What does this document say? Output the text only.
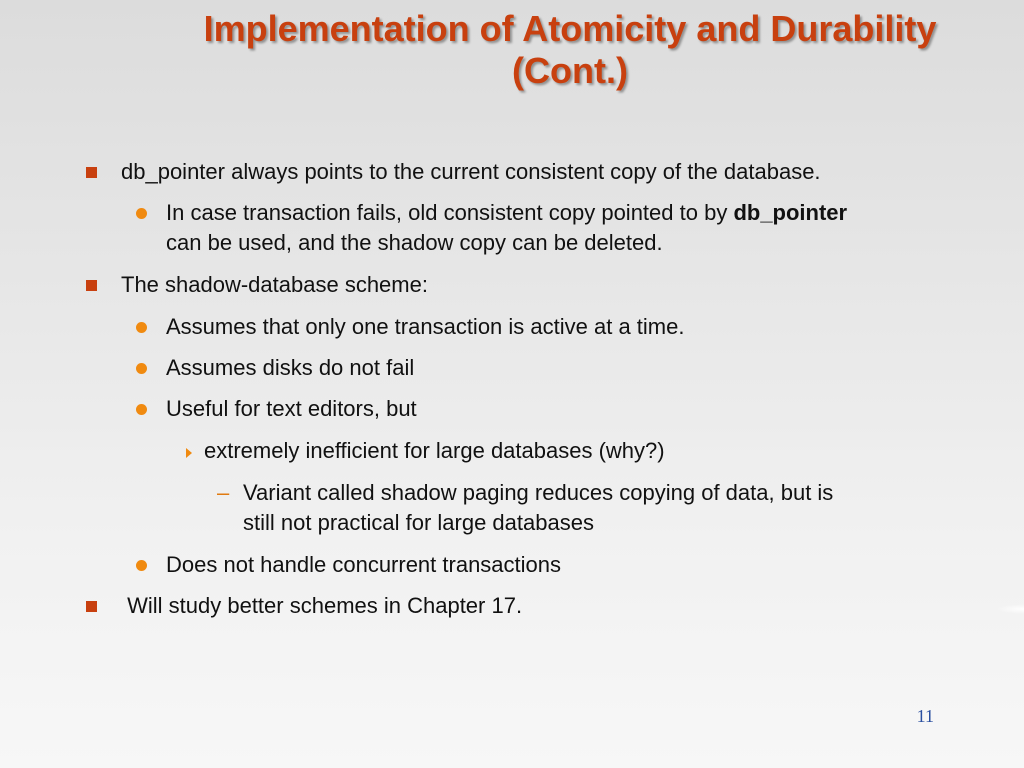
Implementation of Atomicity and Durability
(Cont.)
db_pointer always points to the current consistent copy of the database.
In case transaction fails, old consistent copy pointed to by db_pointer
can be used, and the shadow copy can be deleted.
The shadow-database scheme:
Assumes that only one transaction is active at a time.
Assumes disks do not fail
Useful for text editors, but
extremely inefficient for large databases (why?)
– Variant called shadow paging reduces copying of data, but is
still not practical for large databases
Does not handle concurrent transactions
Will study better schemes in Chapter 17.
11
